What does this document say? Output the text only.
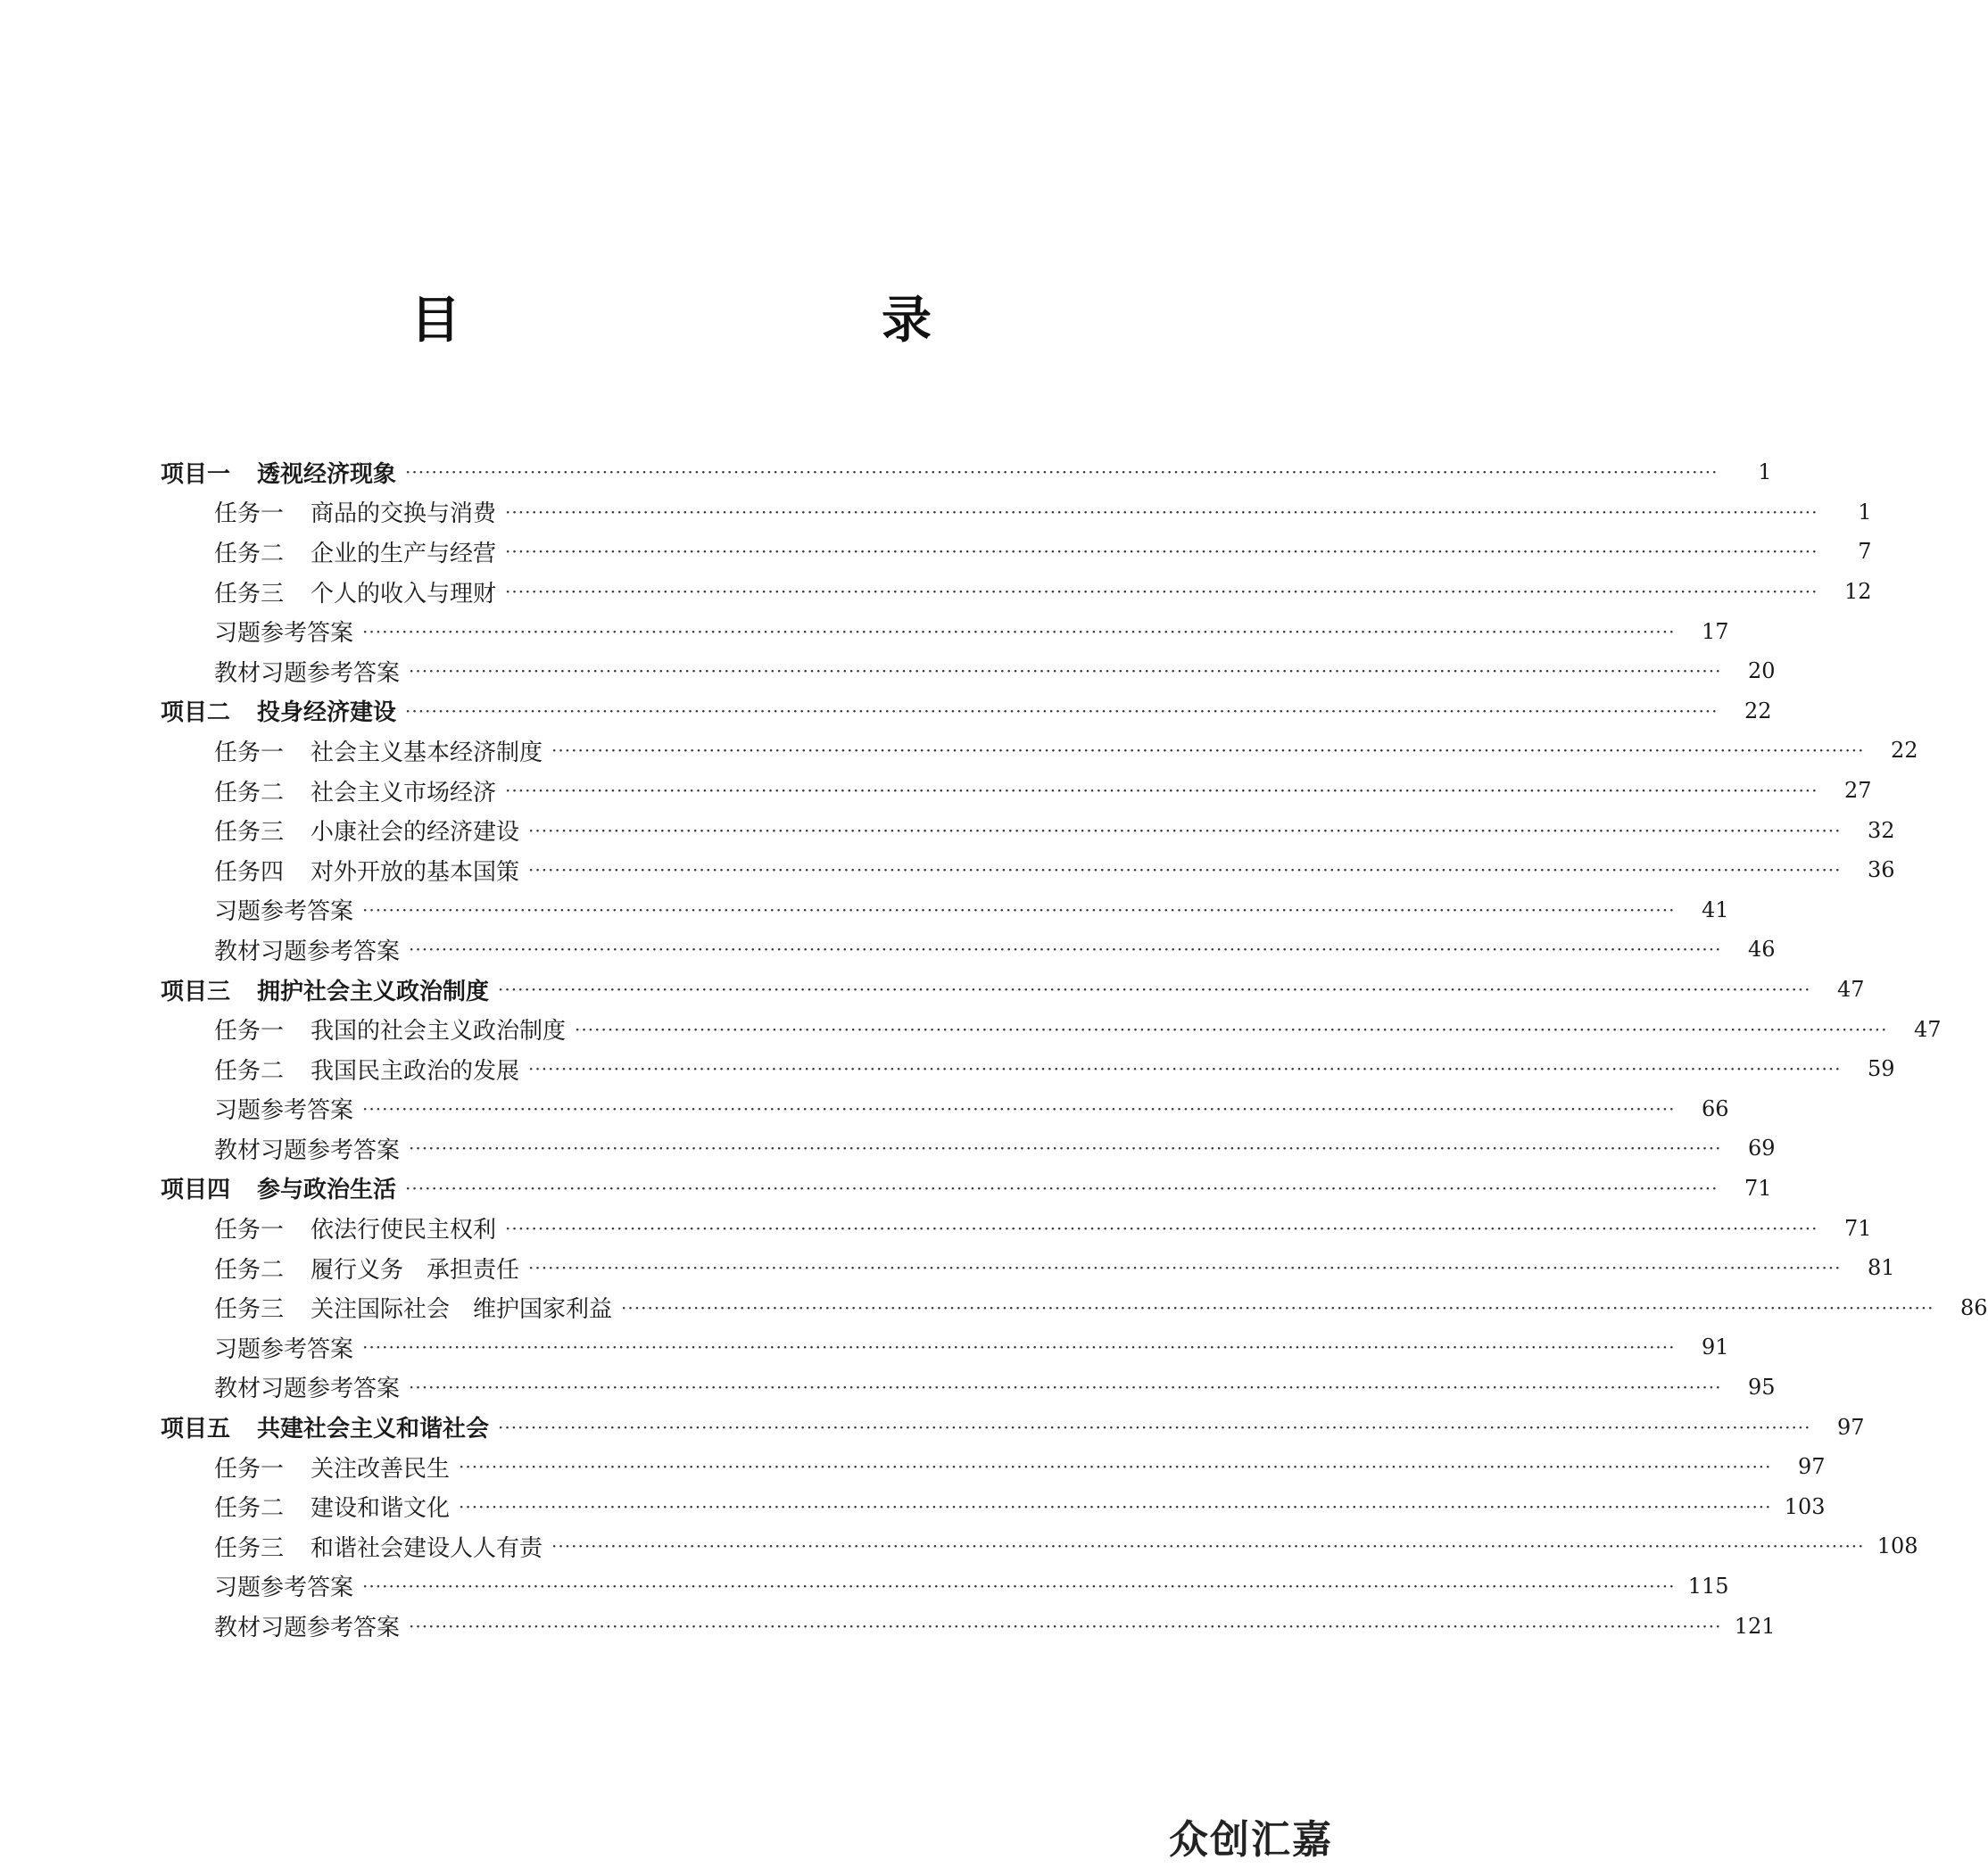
目　　录
项目一 透视经济现象 ········································································································································································································	1
任务一 商品的交换与消费 ········································································································································································································	1
任务二 企业的生产与经营 ········································································································································································································	7
任务三 个人的收入与理财 ········································································································································································································	12
习题参考答案 ········································································································································································································	17
教材习题参考答案 ········································································································································································································	20
项目二 投身经济建设 ········································································································································································································	22
任务一 社会主义基本经济制度 ········································································································································································································	22
任务二 社会主义市场经济 ········································································································································································································	27
任务三 小康社会的经济建设 ········································································································································································································	32
任务四 对外开放的基本国策 ········································································································································································································	36
习题参考答案 ········································································································································································································	41
教材习题参考答案 ········································································································································································································	46
项目三 拥护社会主义政治制度 ········································································································································································································	47
任务一 我国的社会主义政治制度 ········································································································································································································	47
任务二 我国民主政治的发展 ········································································································································································································	59
习题参考答案 ········································································································································································································	66
教材习题参考答案 ········································································································································································································	69
项目四 参与政治生活 ········································································································································································································	71
任务一 依法行使民主权利 ········································································································································································································	71
任务二 履行义务　承担责任 ········································································································································································································	81
任务三 关注国际社会　维护国家利益 ········································································································································································································	86
习题参考答案 ········································································································································································································	91
教材习题参考答案 ········································································································································································································	95
项目五 共建社会主义和谐社会 ········································································································································································································	97
任务一 关注改善民生 ········································································································································································································	97
任务二 建设和谐文化 ········································································································································································································ 103
任务三 和谐社会建设人人有责 ········································································································································································································ 108
习题参考答案 ········································································································································································································ 115
教材习题参考答案 ········································································································································································································ 121
众创汇嘉
